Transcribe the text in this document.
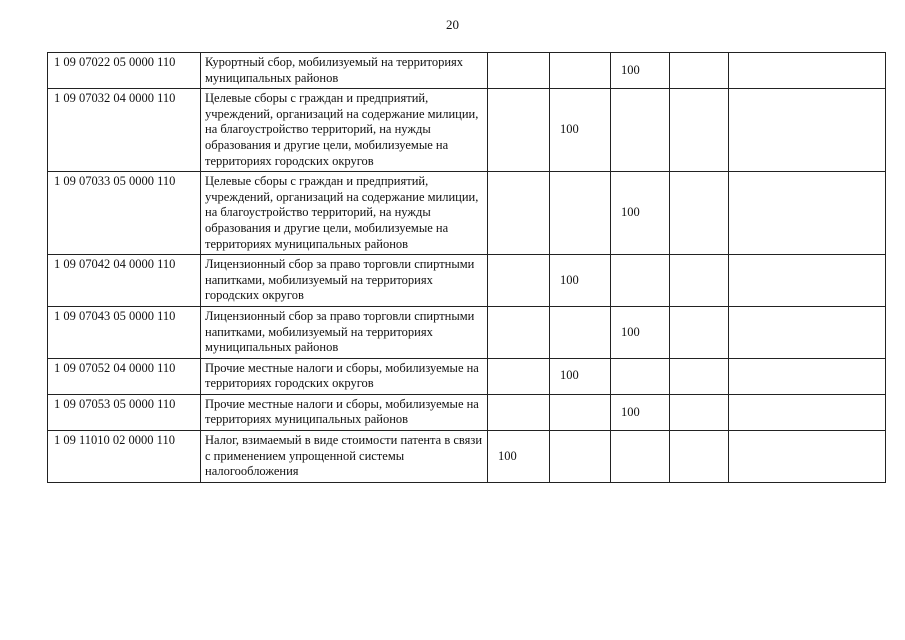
20
1 09 07022 05 0000 110	Курортный сбор, мобилизуемый на территориях муниципальных районов			100		
1 09 07032 04 0000 110	Целевые сборы с граждан и предприятий, учреждений, организаций на содержание милиции, на благоустройство территорий, на нужды образования и другие цели, мобилизуемые на территориях городских округов		100			
1 09 07033 05 0000 110	Целевые сборы с граждан и предприятий, учреждений, организаций на содержание милиции, на благоустройство территорий, на нужды образования и другие цели, мобилизуемые на территориях муниципальных районов			100		
1 09 07042 04 0000 110	Лицензионный сбор за право торговли спиртными напитками, мобилизуемый на территориях городских округов		100			
1 09 07043 05 0000 110	Лицензионный сбор за право торговли спиртными напитками, мобилизуемый на территориях муниципальных районов			100		
1 09 07052 04 0000 110	Прочие местные налоги и сборы, мобилизуемые на территориях городских округов		100			
1 09 07053 05 0000 110	Прочие местные налоги и сборы, мобилизуемые на территориях муниципальных районов			100		
1 09 11010 02 0000 110	Налог, взимаемый в виде стоимости патента в связи с применением упрощенной системы налогообложения	100				
